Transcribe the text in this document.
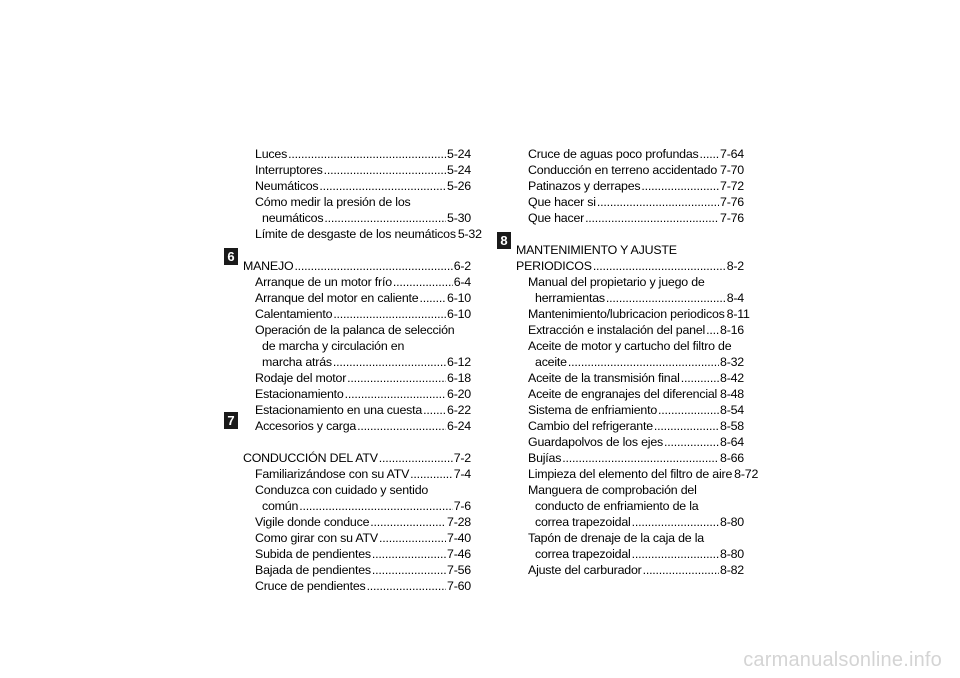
6
7
8
Luces .....	5-24
Interruptores .....	5-24
Neumáticos .....	5-26
Cómo medir la presión de los
neumáticos .....	5-30
Límite de desgaste de los neumáticos 5-32
MANEJO .....	6-2
Arranque de un motor frío .....	6-4
Arranque del motor en caliente ..... 6-10
Calentamiento .....	6-10
Operación de la palanca de selección
de marcha y circulación en
marcha atrás .....	6-12
Rodaje del motor .....	6-18
Estacionamiento .....	6-20
Estacionamiento en una cuesta ..... 6-22
Accesorios y carga .....	6-24
CONDUCCIÓN DEL ATV .....	7-2
Familiarizándose con su ATV .....	7-4
Conduzca con cuidado y sentido
común .....	7-6
Vigile donde conduce .....	7-28
Como girar con su ATV .....	7-40
Subida de pendientes .....	7-46
Bajada de pendientes .....	7-56
Cruce de pendientes .....	7-60
Cruce de aguas poco profundas ..... 7-64
Conducción en terreno accidentado ..... 7-70
Patinazos y derrapes .....	7-72
Que hacer si .....	7-76
Que hacer .....	7-76
MANTENIMIENTO Y AJUSTE
PERIODICOS .....	8-2
Manual del propietario y juego de
herramientas .....	8-4
Mantenimiento/lubricacion periodicos 8-11
Extracción e instalación del panel ..... 8-16
Aceite de motor y cartucho del filtro de
aceite .....	8-32
Aceite de la transmisión final .....	8-42
Aceite de engranajes del diferencial ..... 8-48
Sistema de enfriamiento .....	8-54
Cambio del refrigerante .....	8-58
Guardapolvos de los ejes .....	8-64
Bujías .....	8-66
Limpieza del elemento del filtro de aire 8-72
Manguera de comprobación del
conducto de enfriamiento de la
correa trapezoidal .....	8-80
Tapón de drenaje de la caja de la
correa trapezoidal .....	8-80
Ajuste del carburador .....	8-82
carmanualsonline.info
